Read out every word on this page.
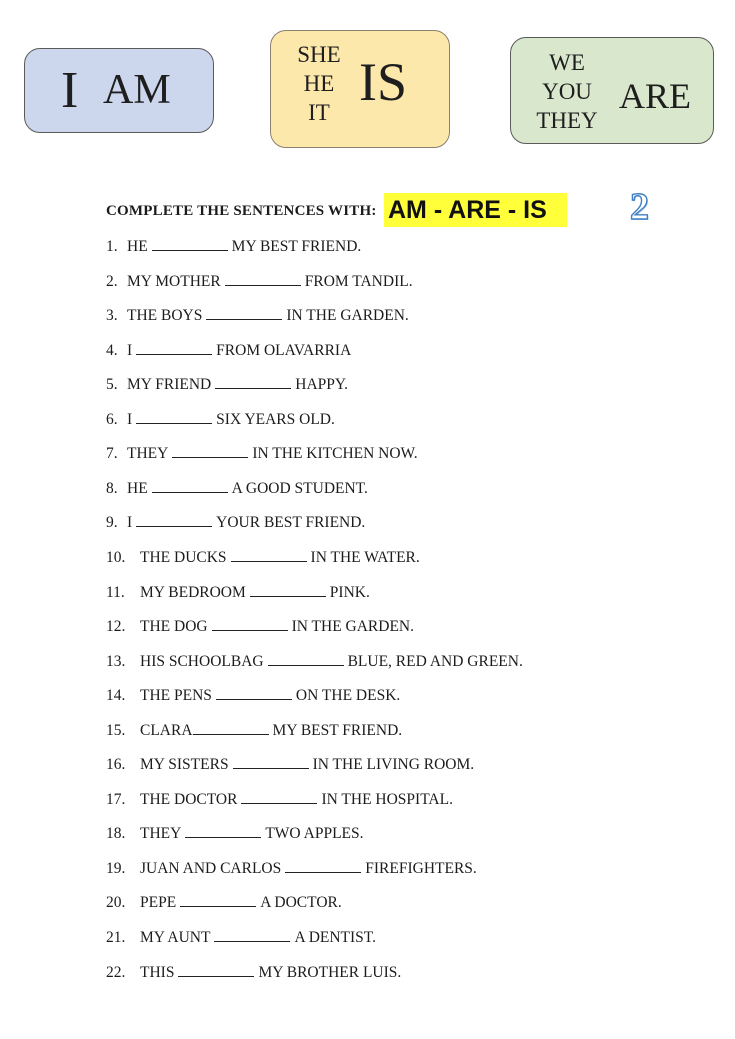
I AM
SHE
HE
IT
IS	WE
YOU
THEY
ARE
COMPLETE THE SENTENCES WITH: AM - ARE - IS	2
1. HE	MY BEST FRIEND.
2. MY MOTHER	FROM TANDIL.
3. THE BOYS	IN THE GARDEN.
4. I	FROM OLAVARRIA
5. MY FRIEND	HAPPY.
6. I	SIX YEARS OLD.
7. THEY	IN THE KITCHEN NOW.
8. HE	A GOOD STUDENT.
9. I	YOUR BEST FRIEND.
10. THE DUCKS	IN THE WATER.
11. MY BEDROOM	PINK.
12. THE DOG	IN THE GARDEN.
13. HIS SCHOOLBAG	BLUE, RED AND GREEN.
14. THE PENS	ON THE DESK.
15. CLARA	MY BEST FRIEND.
16. MY SISTERS	IN THE LIVING ROOM.
17. THE DOCTOR	IN THE HOSPITAL.
18. THEY	TWO APPLES.
19. JUAN AND CARLOS	FIREFIGHTERS.
20. PEPE	A DOCTOR.
21. MY AUNT	A DENTIST.
22. THIS	MY BROTHER LUIS.
